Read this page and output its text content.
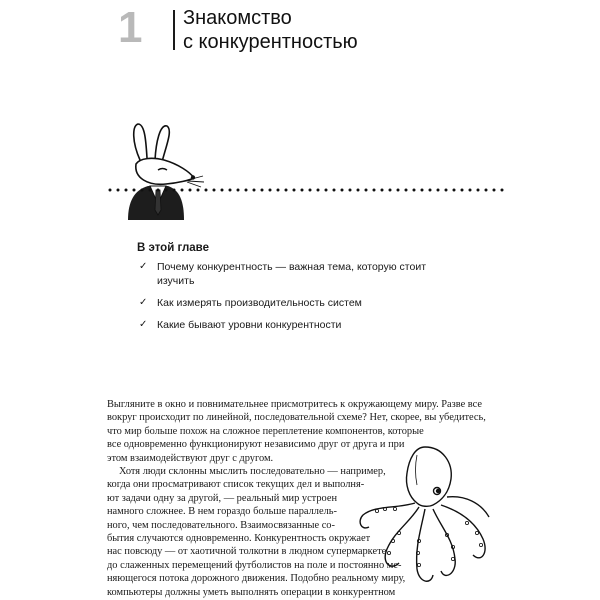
1 Знакомство
с конкурентностью
В этой главе
✓ Почему конкурентность — важная тема, которую стоит
изучить
✓ Как измерять производительность систем
✓ Какие бывают уровни конкурентности
Выгляните в окно и повнимательнее присмотритесь к окружающему миру. Разве все
вокруг происходит по линейной, последовательной схеме? Нет, скорее, вы убедитесь,
что мир больше похож на сложное переплетение компонентов, которые
все одновременно функционируют независимо друг от друга и при
этом взаимодействуют друг с другом.
Хотя люди склонны мыслить последовательно — например,
когда они просматривают список текущих дел и выполня-
ют задачи одну за другой, — реальный мир устроен
намного сложнее. В нем гораздо больше параллель-
ного, чем последовательного. Взаимосвязанные со-
бытия случаются одновременно. Конкурентность окружает
нас повсюду — от хаотичной толкотни в людном супермаркете
до слаженных перемещений футболистов на поле и постоянно ме-
няющегося потока дорожного движения. Подобно реальному миру,
компьютеры должны уметь выполнять операции в конкурентном
